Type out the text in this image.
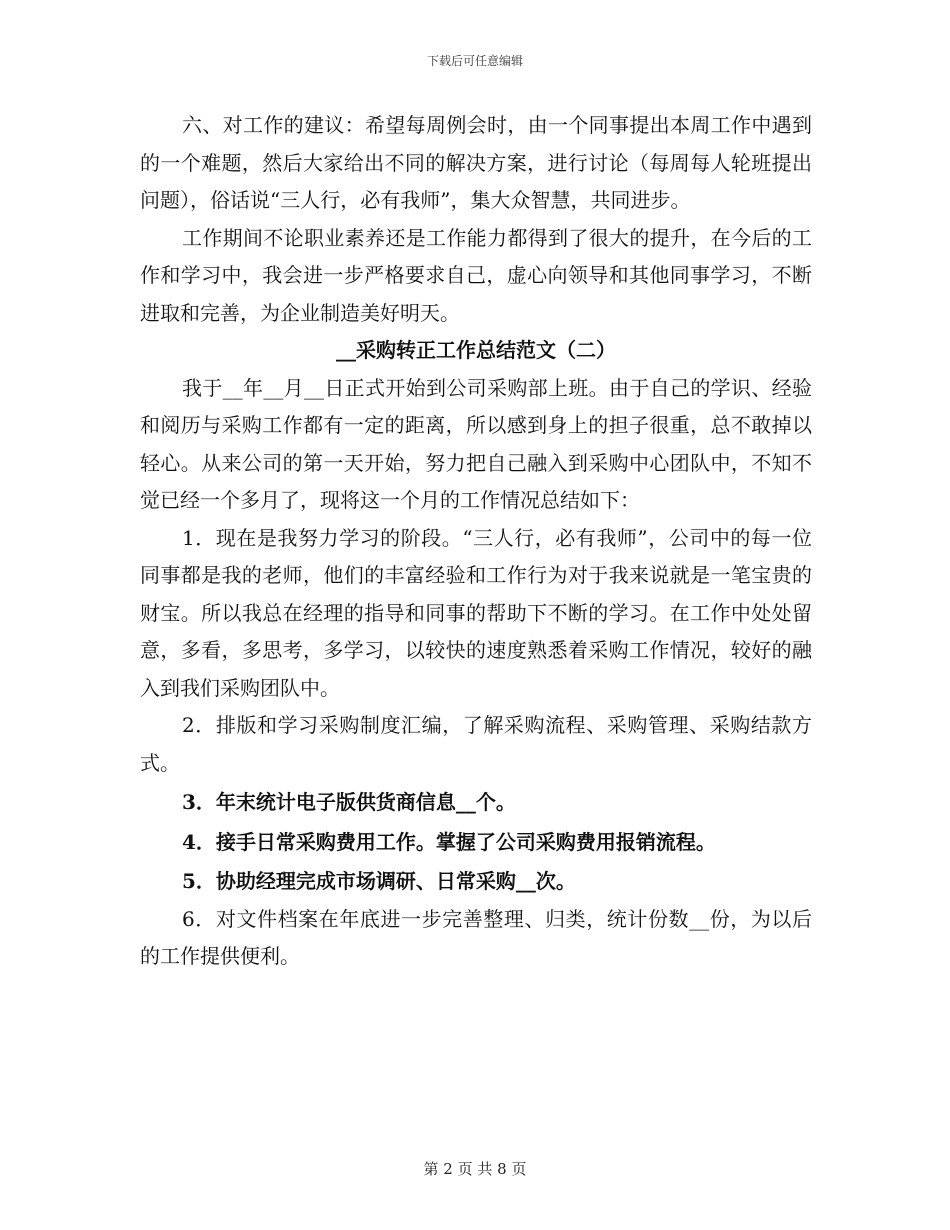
下载后可任意编辑

六、对工作的建议：希望每周例会时，由一个同事提出本周工作中遇到的一个难题，然后大家给出不同的解决方案，进行讨论（每周每人轮班提出问题），俗话说“三人行，必有我师”，集大众智慧，共同进步。

工作期间不论职业素养还是工作能力都得到了很大的提升，在今后的工作和学习中，我会进一步严格要求自己，虚心向领导和其他同事学习，不断进取和完善，为企业制造美好明天。

__采购转正工作总结范文（二）

我于__年__月__日正式开始到公司采购部上班。由于自己的学识、经验和阅历与采购工作都有一定的距离，所以感到身上的担子很重，总不敢掉以轻心。从来公司的第一天开始，努力把自己融入到采购中心团队中，不知不觉已经一个多月了，现将这一个月的工作情况总结如下：

1．现在是我努力学习的阶段。“三人行，必有我师”，公司中的每一位同事都是我的老师，他们的丰富经验和工作行为对于我来说就是一笔宝贵的财宝。所以我总在经理的指导和同事的帮助下不断的学习。在工作中处处留意，多看，多思考，多学习，以较快的速度熟悉着采购工作情况，较好的融入到我们采购团队中。

2．排版和学习采购制度汇编，了解采购流程、采购管理、采购结款方式。

3．年末统计电子版供货商信息__个。

4．接手日常采购费用工作。掌握了公司采购费用报销流程。

5．协助经理完成市场调研、日常采购__次。

6．对文件档案在年底进一步完善整理、归类，统计份数__份，为以后的工作提供便利。

第 2 页 共 8 页
